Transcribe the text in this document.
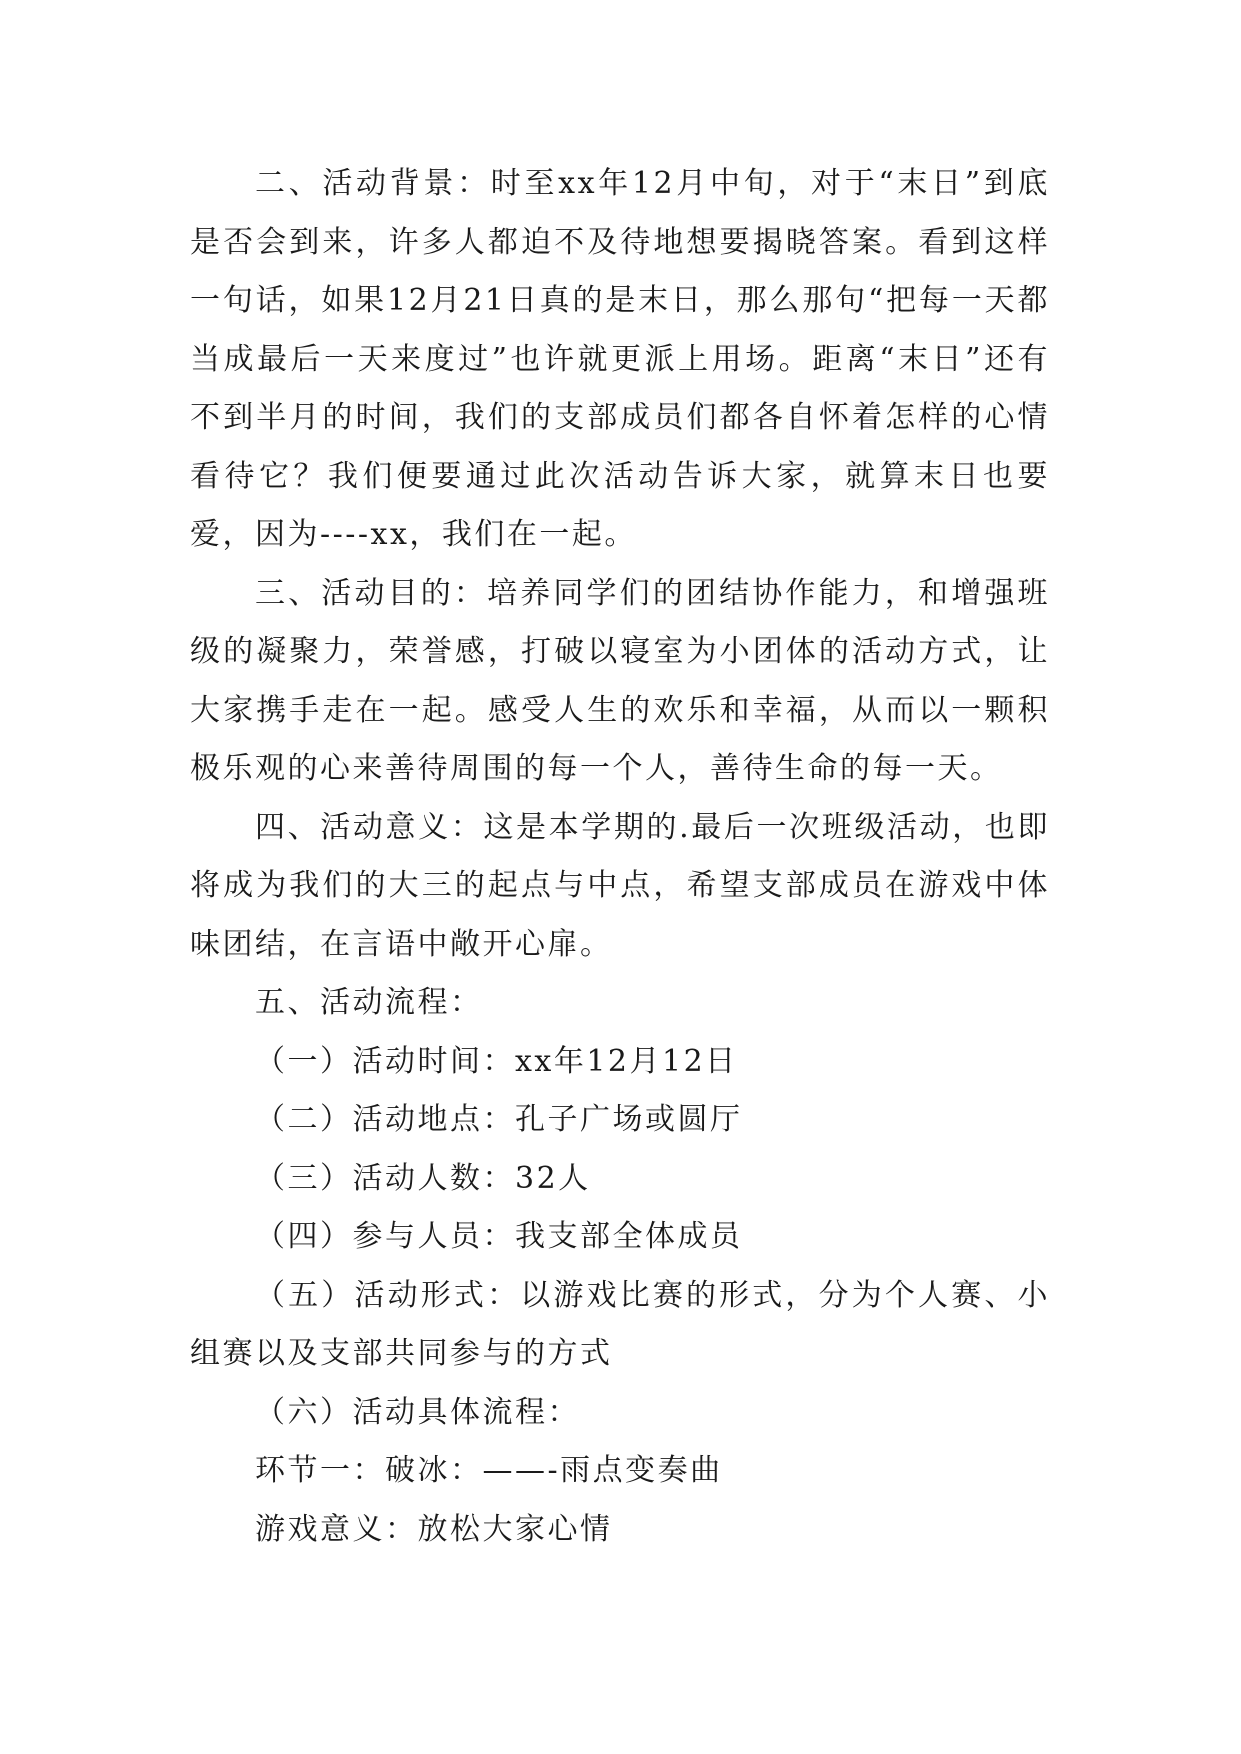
二、活动背景：时至xx年12月中旬，对于“末日”到底是否会到来，许多人都迫不及待地想要揭晓答案。看到这样一句话，如果12月21日真的是末日，那么那句“把每一天都当成最后一天来度过”也许就更派上用场。距离“末日”还有不到半月的时间，我们的支部成员们都各自怀着怎样的心情看待它？我们便要通过此次活动告诉大家，就算末日也要爱，因为----xx，我们在一起。

三、活动目的：培养同学们的团结协作能力，和增强班级的凝聚力，荣誉感，打破以寝室为小团体的活动方式，让大家携手走在一起。感受人生的欢乐和幸福，从而以一颗积极乐观的心来善待周围的每一个人，善待生命的每一天。

四、活动意义：这是本学期的.最后一次班级活动，也即将成为我们的大三的起点与中点，希望支部成员在游戏中体味团结，在言语中敞开心扉。

五、活动流程：

（一）活动时间：xx年12月12日

（二）活动地点：孔子广场或圆厅

（三）活动人数：32人

（四）参与人员：我支部全体成员

（五）活动形式：以游戏比赛的形式，分为个人赛、小组赛以及支部共同参与的方式

（六）活动具体流程：

环节一：破冰：——-雨点变奏曲

游戏意义：放松大家心情
